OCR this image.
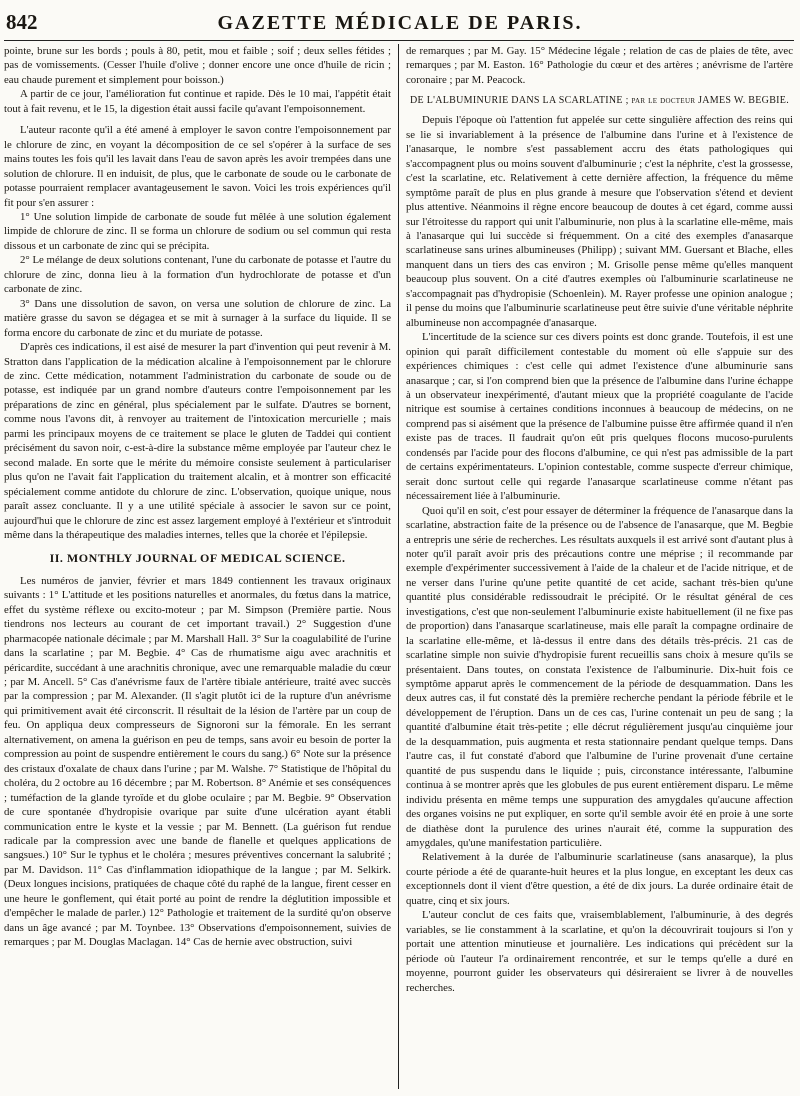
842	GAZETTE MÉDICALE DE PARIS.

pointe, brune sur les bords ; pouls à 80, petit, mou et faible ; soif ; deux selles fétides ; pas de vomissements. (Cesser l'huile d'olive ; donner encore une once d'huile de ricin ; eau chaude purement et simplement pour boisson.)

A partir de ce jour, l'amélioration fut continue et rapide. Dès le 10 mai, l'appétit était tout à fait revenu, et le 15, la digestion était aussi facile qu'avant l'empoisonnement.

L'auteur raconte qu'il a été amené à employer le savon contre l'empoisonnement par le chlorure de zinc, en voyant la décomposition de ce sel s'opérer à la surface de ses mains toutes les fois qu'il les lavait dans l'eau de savon après les avoir trempées dans une solution de chlorure. Il en induisit, de plus, que le carbonate de soude ou le carbonate de potasse pourraient remplacer avantageusement le savon. Voici les trois expériences qu'il fit pour s'en assurer :

1° Une solution limpide de carbonate de soude fut mêlée à une solution également limpide de chlorure de zinc. Il se forma un chlorure de sodium ou sel commun qui resta dissous et un carbonate de zinc qui se précipita.

2° Le mélange de deux solutions contenant, l'une du carbonate de potasse et l'autre du chlorure de zinc, donna lieu à la formation d'un hydrochlorate de potasse et d'un carbonate de zinc.

3° Dans une dissolution de savon, on versa une solution de chlorure de zinc. La matière grasse du savon se dégagea et se mit à surnager à la surface du liquide. Il se forma encore du carbonate de zinc et du muriate de potasse.

D'après ces indications, il est aisé de mesurer la part d'invention qui peut revenir à M. Stratton dans l'application de la médication alcaline à l'empoisonnement par le chlorure de zinc. Cette médication, notamment l'administration du carbonate de soude ou de potasse, est indiquée par un grand nombre d'auteurs contre l'empoisonnement par les préparations de zinc en général, plus spécialement par le sulfate. D'autres se bornent, comme nous l'avons dit, à renvoyer au traitement de l'intoxication mercurielle ; mais parmi les principaux moyens de ce traitement se place le gluten de Taddei qui contient précisément du savon noir, c-est-à-dire la substance même employée par l'auteur chez le second malade. En sorte que le mérite du mémoire consiste seulement à particulariser plus qu'on ne l'avait fait l'application du traitement alcalin, et à montrer son efficacité spécialement comme antidote du chlorure de zinc. L'observation, quoique unique, nous paraît assez concluante. Il y a une utilité spéciale à associer le savon sur ce point, aujourd'hui que le chlorure de zinc est assez largement employé à l'extérieur et s'introduit même dans la thérapeutique des maladies internes, telles que la chorée et l'épilepsie.

II. MONTHLY JOURNAL OF MEDICAL SCIENCE.

Les numéros de janvier, février et mars 1849 contiennent les travaux originaux suivants : 1° L'attitude et les positions naturelles et anormales, du fœtus dans la matrice, effet du système réflexe ou excito-moteur ; par M. Simpson (Première partie. Nous tiendrons nos lecteurs au courant de cet important travail.) 2° Suggestion d'une pharmacopée nationale décimale ; par M. Marshall Hall. 3° Sur la coagulabilité de l'urine dans la scarlatine ; par M. Begbie. 4° Cas de rhumatisme aigu avec arachnitis et péricardite, succédant à une arachnitis chronique, avec une remarquable maladie du cœur ; par M. Ancell. 5° Cas d'anévrisme faux de l'artère tibiale antérieure, traité avec succès par la compression ; par M. Alexander. (Il s'agit plutôt ici de la rupture d'un anévrisme qui primitivement avait été circonscrit. Il résultait de la lésion de l'artère par un coup de feu. On appliqua deux compresseurs de Signoroni sur la fémorale. En les serrant alternativement, on amena la guérison en peu de temps, sans avoir eu besoin de porter la compression au point de suspendre entièrement le cours du sang.) 6° Note sur la présence des cristaux d'oxalate de chaux dans l'urine ; par M. Walshe. 7° Statistique de l'hôpital du choléra, du 2 octobre au 16 décembre ; par M. Robertson. 8° Anémie et ses conséquences ; tuméfaction de la glande tyroïde et du globe oculaire ; par M. Begbie. 9° Observation de cure spontanée d'hydropisie ovarique par suite d'une ulcération ayant établi communication entre le kyste et la vessie ; par M. Bennett. (La guérison fut rendue radicale par la compression avec une bande de flanelle et quelques applications de sangsues.) 10° Sur le typhus et le choléra ; mesures préventives concernant la salubrité ; par M. Davidson. 11° Cas d'inflammation idiopathique de la langue ; par M. Selkirk. (Deux longues incisions, pratiquées de chaque côté du raphé de la langue, firent cesser en une heure le gonflement, qui était porté au point de rendre la déglutition impossible et d'empêcher le malade de parler.) 12° Pathologie et traitement de la surdité qu'on observe dans un âge avancé ; par M. Toynbee. 13° Observations d'empoisonnement, suivies de remarques ; par M. Douglas Maclagan. 14° Cas de hernie avec obstruction, suivi

de remarques ; par M. Gay. 15° Médecine légale ; relation de cas de plaies de tête, avec remarques ; par M. Easton. 16° Pathologie du cœur et des artères ; anévrisme de l'artère coronaire ; par M. Peacock.

DE L'ALBUMINURIE DANS LA SCARLATINE ; par le docteur JAMES W. BEGBIE.

Depuis l'époque où l'attention fut appelée sur cette singulière affection des reins qui se lie si invariablement à la présence de l'albumine dans l'urine et à l'existence de l'anasarque, le nombre s'est passablement accru des états pathologiques qui s'accompagnent plus ou moins souvent d'albuminurie ; c'est la néphrite, c'est la grossesse, c'est la scarlatine, etc. Relativement à cette dernière affection, la fréquence du même symptôme paraît de plus en plus grande à mesure que l'observation s'étend et devient plus attentive. Néanmoins il règne encore beaucoup de doutes à cet égard, comme aussi sur l'étroitesse du rapport qui unit l'albuminurie, non plus à la scarlatine elle-même, mais à l'anasarque qui lui succède si fréquemment. On a cité des exemples d'anasarque scarlatineuse sans urines albumineuses (Philipp) ; suivant MM. Guersant et Blache, elles manquent dans un tiers des cas environ ; M. Grisolle pense même qu'elles manquent beaucoup plus souvent. On a cité d'autres exemples où l'albuminurie scarlatineuse ne s'accompagnait pas d'hydropisie (Schoenlein). M. Rayer professe une opinion analogue ; il pense du moins que l'albuminurie scarlatineuse peut être suivie d'une véritable néphrite albumineuse non accompagnée d'anasarque.

L'incertitude de la science sur ces divers points est donc grande. Toutefois, il est une opinion qui paraît difficilement contestable du moment où elle s'appuie sur des expériences chimiques : c'est celle qui admet l'existence d'une albuminurie sans anasarque ; car, si l'on comprend bien que la présence de l'albumine dans l'urine échappe à un observateur inexpérimenté, d'autant mieux que la propriété coagulante de l'acide nitrique est soumise à certaines conditions inconnues à beaucoup de médecins, on ne comprend pas si aisément que la présence de l'albumine puisse être affirmée quand il n'en existe pas de traces. Il faudrait qu'on eût pris quelques flocons mucoso-purulents condensés par l'acide pour des flocons d'albumine, ce qui n'est pas admissible de la part de certains expérimentateurs. L'opinion contestable, comme suspecte d'erreur chimique, serait donc surtout celle qui regarde l'anasarque scarlatineuse comme n'étant pas nécessairement liée à l'albuminurie.

Quoi qu'il en soit, c'est pour essayer de déterminer la fréquence de l'anasarque dans la scarlatine, abstraction faite de la présence ou de l'absence de l'anasarque, que M. Begbie a entrepris une série de recherches. Les résultats auxquels il est arrivé sont d'autant plus à noter qu'il paraît avoir pris des précautions contre une méprise ; il recommande par exemple d'expérimenter successivement à l'aide de la chaleur et de l'acide nitrique, et de ne verser dans l'urine qu'une petite quantité de cet acide, sachant très-bien qu'une quantité plus considérable redissoudrait le précipité. Or le résultat général de ces investigations, c'est que non-seulement l'albuminurie existe habituellement (il ne fixe pas de proportion) dans l'anasarque scarlatineuse, mais elle paraît la compagne ordinaire de la scarlatine elle-même, et là-dessus il entre dans des détails très-précis. 21 cas de scarlatine simple non suivie d'hydropisie furent recueillis sans choix à mesure qu'ils se présentaient. Dans toutes, on constata l'existence de l'albuminurie. Dix-huit fois ce symptôme apparut après le commencement de la période de desquammation. Dans les deux autres cas, il fut constaté dès la première recherche pendant la période fébrile et le développement de l'éruption. Dans un de ces cas, l'urine contenait un peu de sang ; la quantité d'albumine était très-petite ; elle décrut régulièrement jusqu'au cinquième jour de la desquammation, puis augmenta et resta stationnaire pendant quelque temps. Dans l'autre cas, il fut constaté d'abord que l'albumine de l'urine provenait d'une certaine quantité de pus suspendu dans le liquide ; puis, circonstance intéressante, l'albumine continua à se montrer après que les globules de pus eurent entièrement disparu. Le même individu présenta en même temps une suppuration des amygdales qu'aucune affection des organes voisins ne put expliquer, en sorte qu'il semble avoir été en proie à une sorte de diathèse dont la purulence des urines n'aurait été, comme la suppuration des amygdales, qu'une manifestation particulière.

Relativement à la durée de l'albuminurie scarlatineuse (sans anasarque), la plus courte période a été de quarante-huit heures et la plus longue, en exceptant les deux cas exceptionnels dont il vient d'être question, a été de dix jours. La durée ordinaire était de quatre, cinq et six jours.

L'auteur conclut de ces faits que, vraisemblablement, l'albuminurie, à des degrés variables, se lie constamment à la scarlatine, et qu'on la découvrirait toujours si l'on y portait une attention minutieuse et journalière. Les indications qui précèdent sur la période où l'auteur l'a ordinairement rencontrée, et sur le temps qu'elle a duré en moyenne, pourront guider les observateurs qui désireraient se livrer à de nouvelles recherches.
